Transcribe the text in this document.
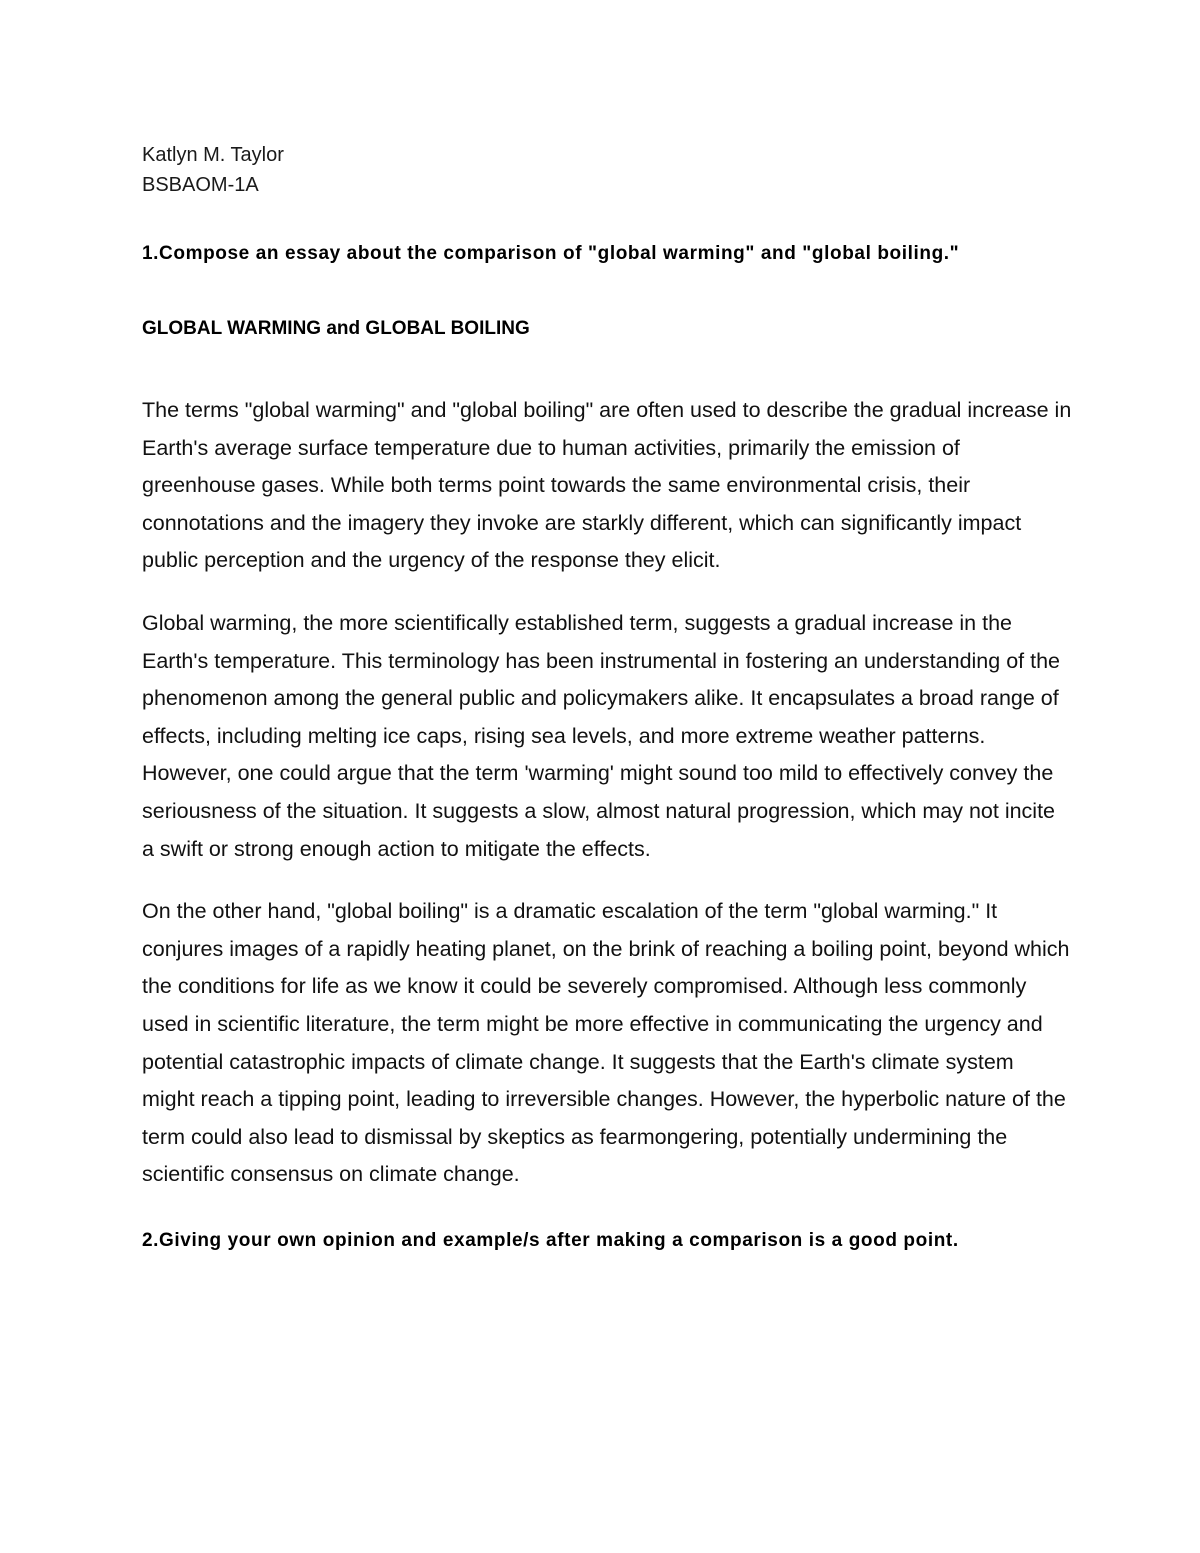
Katlyn M. Taylor

BSBAOM-1A

1.Compose an essay about the comparison of "global warming" and "global boiling."

GLOBAL WARMING and GLOBAL BOILING

The terms "global warming" and "global boiling" are often used to describe the gradual increase in Earth's average surface temperature due to human activities, primarily the emission of greenhouse gases. While both terms point towards the same environmental crisis, their connotations and the imagery they invoke are starkly different, which can significantly impact public perception and the urgency of the response they elicit.

Global warming, the more scientifically established term, suggests a gradual increase in the Earth's temperature. This terminology has been instrumental in fostering an understanding of the phenomenon among the general public and policymakers alike. It encapsulates a broad range of effects, including melting ice caps, rising sea levels, and more extreme weather patterns. However, one could argue that the term 'warming' might sound too mild to effectively convey the seriousness of the situation. It suggests a slow, almost natural progression, which may not incite a swift or strong enough action to mitigate the effects.

On the other hand, "global boiling" is a dramatic escalation of the term "global warming." It conjures images of a rapidly heating planet, on the brink of reaching a boiling point, beyond which the conditions for life as we know it could be severely compromised. Although less commonly used in scientific literature, the term might be more effective in communicating the urgency and potential catastrophic impacts of climate change. It suggests that the Earth's climate system might reach a tipping point, leading to irreversible changes. However, the hyperbolic nature of the term could also lead to dismissal by skeptics as fearmongering, potentially undermining the scientific consensus on climate change.

2.Giving your own opinion and example/s after making a comparison is a good point.
